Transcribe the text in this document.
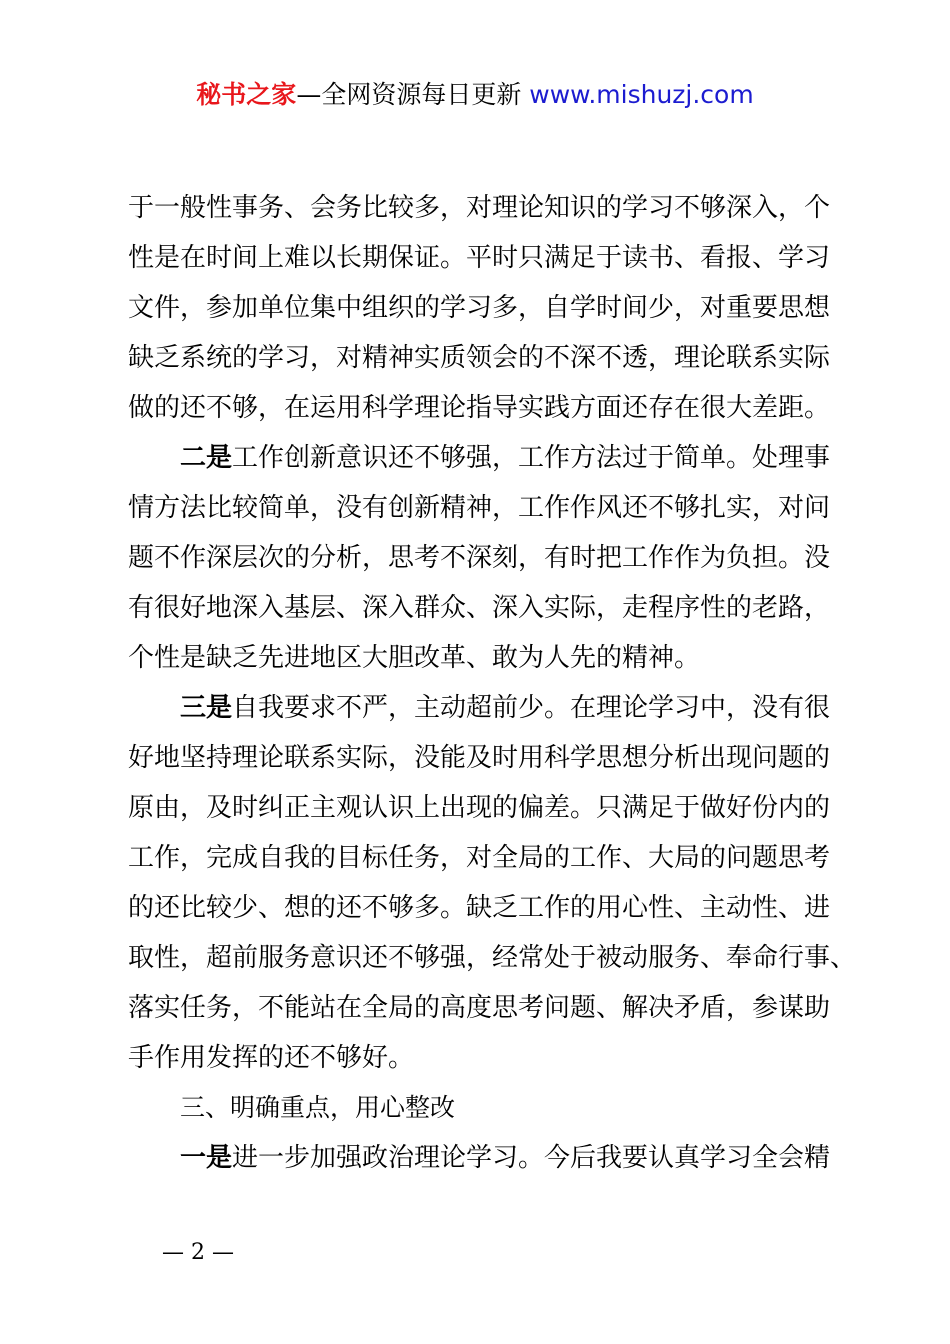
秘书之家—全网资源每日更新 www.mishuzj.com
于一般性事务、会务比较多，对理论知识的学习不够深入，个
性是在时间上难以长期保证。平时只满足于读书、看报、学习
文件，参加单位集中组织的学习多，自学时间少，对重要思想
缺乏系统的学习，对精神实质领会的不深不透，理论联系实际
做的还不够，在运用科学理论指导实践方面还存在很大差距。
二是工作创新意识还不够强，工作方法过于简单。处理事
情方法比较简单，没有创新精神，工作作风还不够扎实，对问
题不作深层次的分析，思考不深刻，有时把工作作为负担。没
有很好地深入基层、深入群众、深入实际，走程序性的老路，
个性是缺乏先进地区大胆改革、敢为人先的精神。
三是自我要求不严，主动超前少。在理论学习中，没有很
好地坚持理论联系实际，没能及时用科学思想分析出现问题的
原由，及时纠正主观认识上出现的偏差。只满足于做好份内的
工作，完成自我的目标任务，对全局的工作、大局的问题思考
的还比较少、想的还不够多。缺乏工作的用心性、主动性、进
取性，超前服务意识还不够强，经常处于被动服务、奉命行事、
落实任务，不能站在全局的高度思考问题、解决矛盾，参谋助
手作用发挥的还不够好。
三、明确重点，用心整改
一是进一步加强政治理论学习。今后我要认真学习全会精
— 2 —
